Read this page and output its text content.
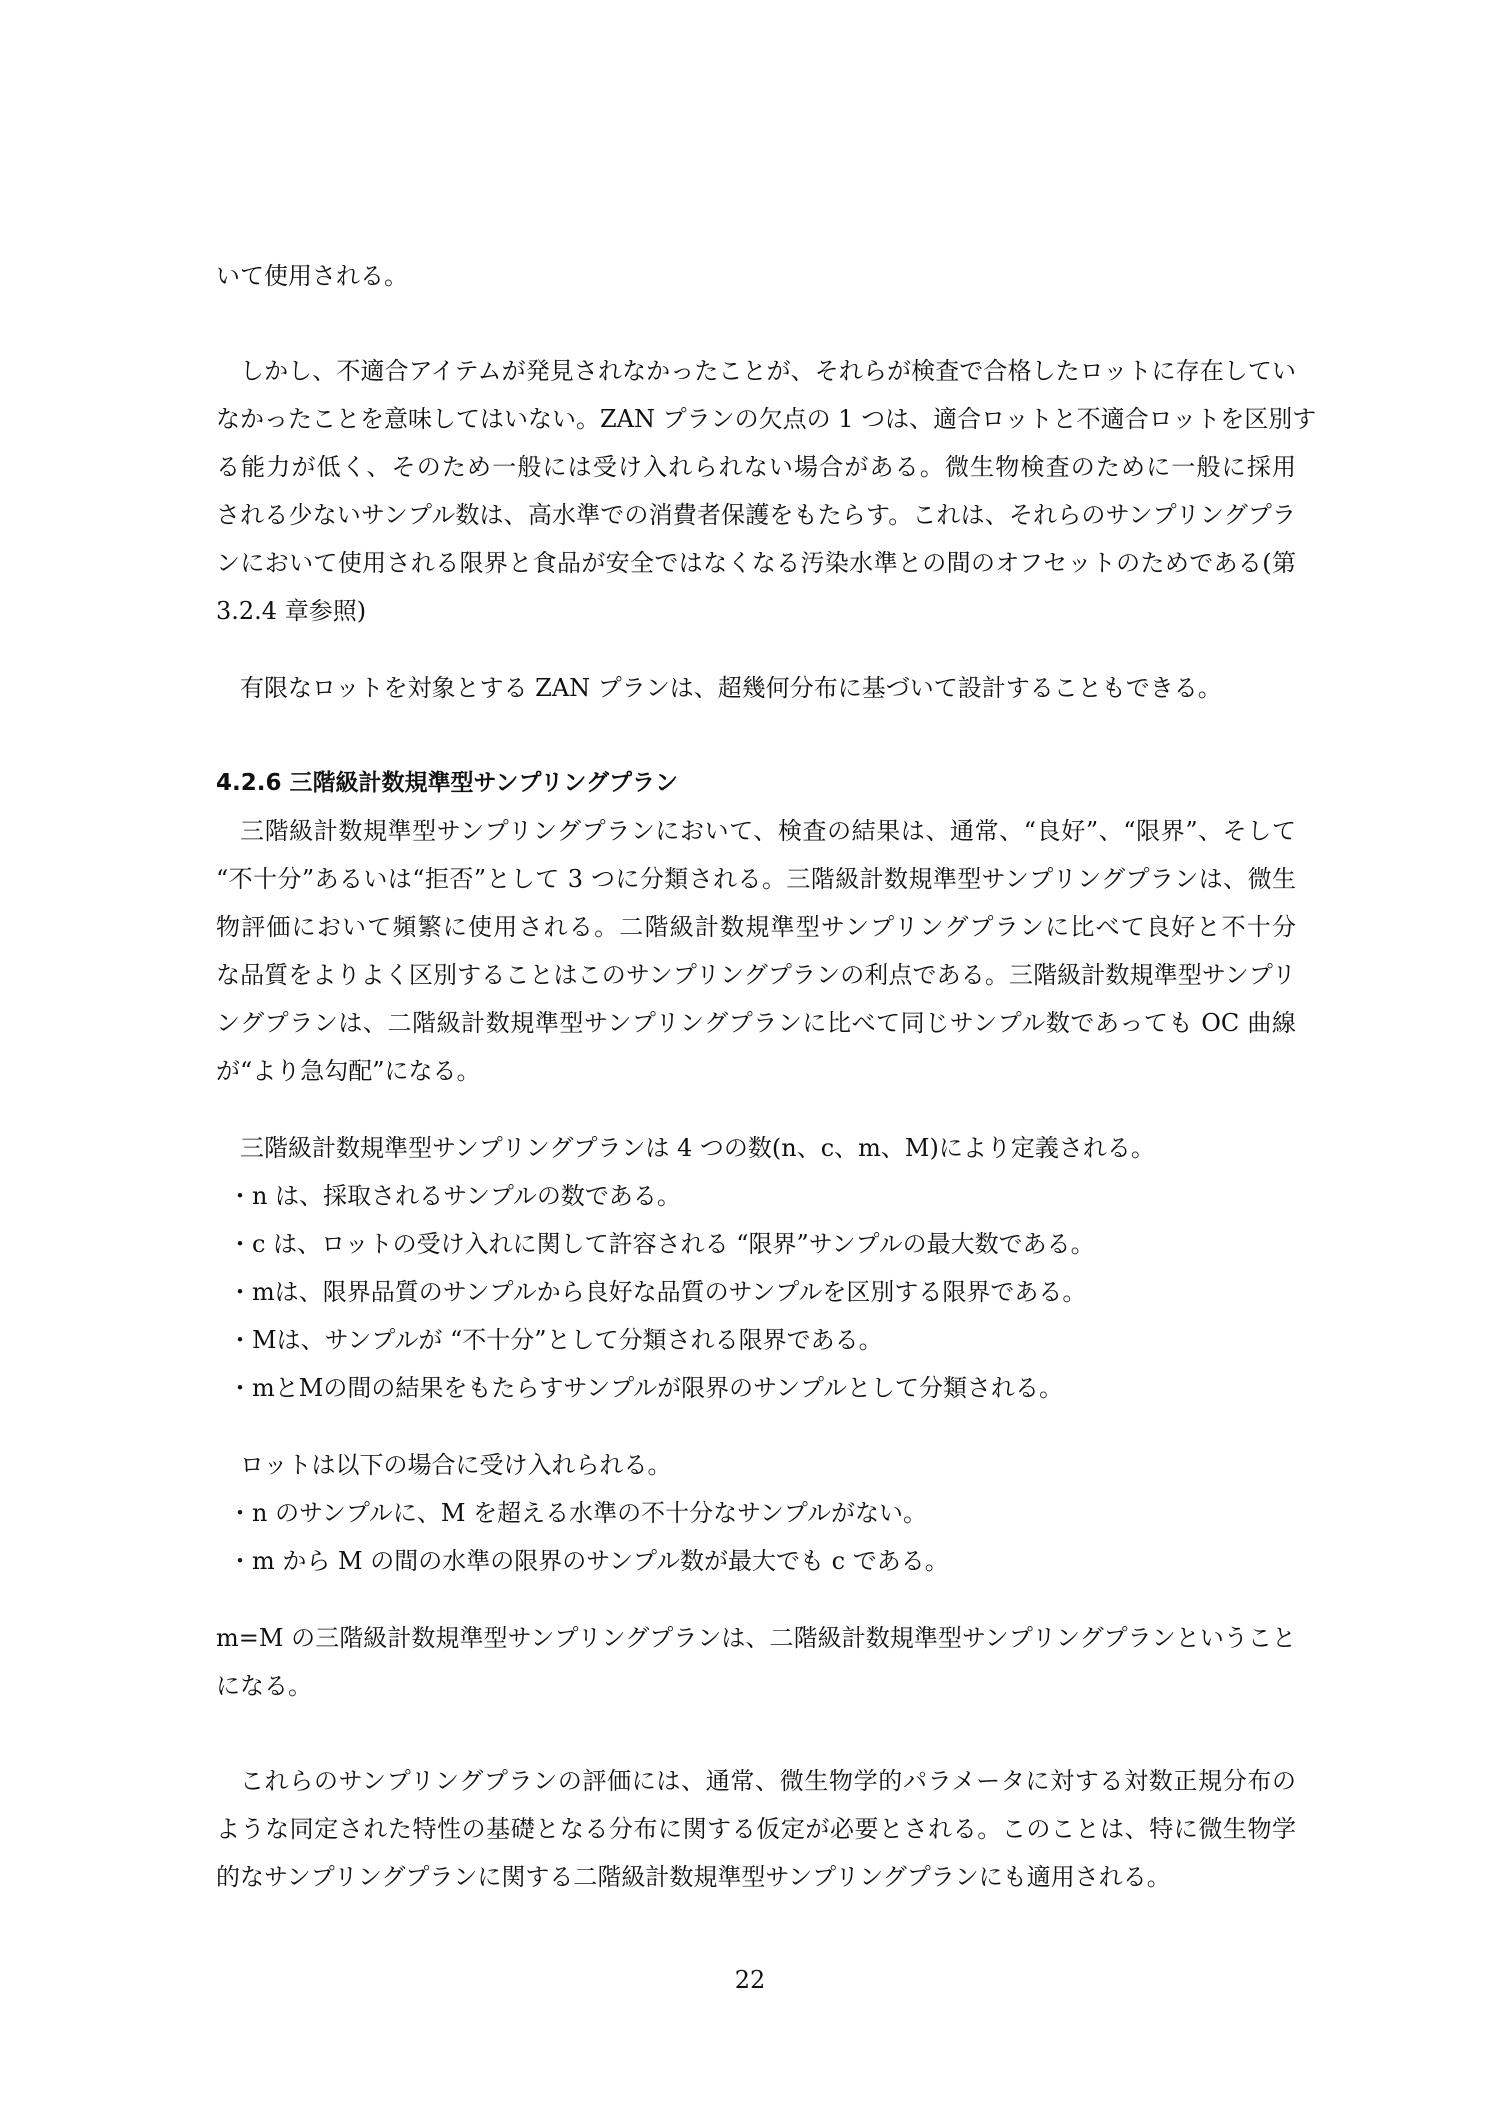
いて使用される。
しかし、不適合アイテムが発見されなかったことが、それらが検査で合格したロットに存在してい
なかったことを意味してはいない。ZAN プランの欠点の 1 つは、適合ロットと不適合ロットを区別す
る能力が低く、そのため一般には受け入れられない場合がある。微生物検査のために一般に採用
される少ないサンプル数は、高水準での消費者保護をもたらす。これは、それらのサンプリングプラ
ンにおいて使用される限界と食品が安全ではなくなる汚染水準との間のオフセットのためである(第
3.2.4 章参照)
有限なロットを対象とする ZAN プランは、超幾何分布に基づいて設計することもできる。
4.2.6 三階級計数規準型サンプリングプラン
三階級計数規準型サンプリングプランにおいて、検査の結果は、通常、“良好”、“限界”、そして
“不十分”あるいは“拒否”として 3 つに分類される。三階級計数規準型サンプリングプランは、微生
物評価において頻繁に使用される。二階級計数規準型サンプリングプランに比べて良好と不十分
な品質をよりよく区別することはこのサンプリングプランの利点である。三階級計数規準型サンプリ
ングプランは、二階級計数規準型サンプリングプランに比べて同じサンプル数であっても OC 曲線
が“より急勾配”になる。
三階級計数規準型サンプリングプランは 4 つの数(n、c、m、M)により定義される。
・n は、採取されるサンプルの数である。
・c は、ロットの受け入れに関して許容される “限界”サンプルの最大数である。
・mは、限界品質のサンプルから良好な品質のサンプルを区別する限界である。
・Mは、サンプルが “不十分”として分類される限界である。
・mとMの間の結果をもたらすサンプルが限界のサンプルとして分類される。
ロットは以下の場合に受け入れられる。
・n のサンプルに、M を超える水準の不十分なサンプルがない。
・m から M の間の水準の限界のサンプル数が最大でも c である。
m=M の三階級計数規準型サンプリングプランは、二階級計数規準型サンプリングプランということ
になる。
これらのサンプリングプランの評価には、通常、微生物学的パラメータに対する対数正規分布の
ような同定された特性の基礎となる分布に関する仮定が必要とされる。このことは、特に微生物学
的なサンプリングプランに関する二階級計数規準型サンプリングプランにも適用される。
22
